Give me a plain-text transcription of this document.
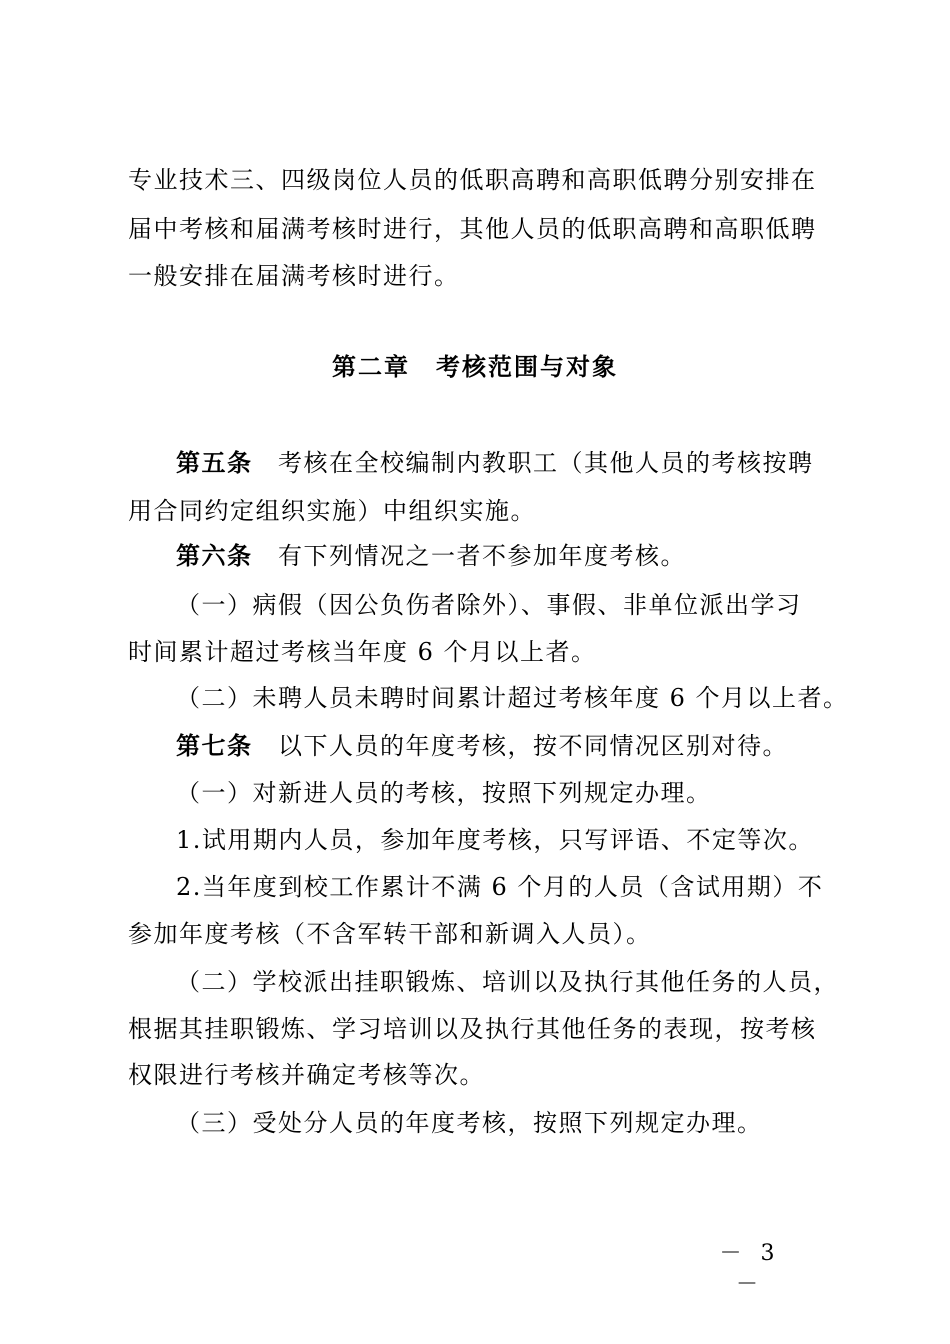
专业技术三、四级岗位人员的低职高聘和高职低聘分别安排在

届中考核和届满考核时进行，其他人员的低职高聘和高职低聘

一般安排在届满考核时进行。

第二章　考核范围与对象

第五条　考核在全校编制内教职工（其他人员的考核按聘

用合同约定组织实施）中组织实施。

第六条　有下列情况之一者不参加年度考核。

（一）病假（因公负伤者除外）、事假、非单位派出学习

时间累计超过考核当年度 6 个月以上者。

（二）未聘人员未聘时间累计超过考核年度 6 个月以上者。

第七条　以下人员的年度考核，按不同情况区别对待。

（一）对新进人员的考核，按照下列规定办理。

1.试用期内人员，参加年度考核，只写评语、不定等次。

2.当年度到校工作累计不满 6 个月的人员（含试用期）不

参加年度考核（不含军转干部和新调入人员）。

（二）学校派出挂职锻炼、培训以及执行其他任务的人员，

根据其挂职锻炼、学习培训以及执行其他任务的表现，按考核

权限进行考核并确定考核等次。

（三）受处分人员的年度考核，按照下列规定办理。

－ 3 －
